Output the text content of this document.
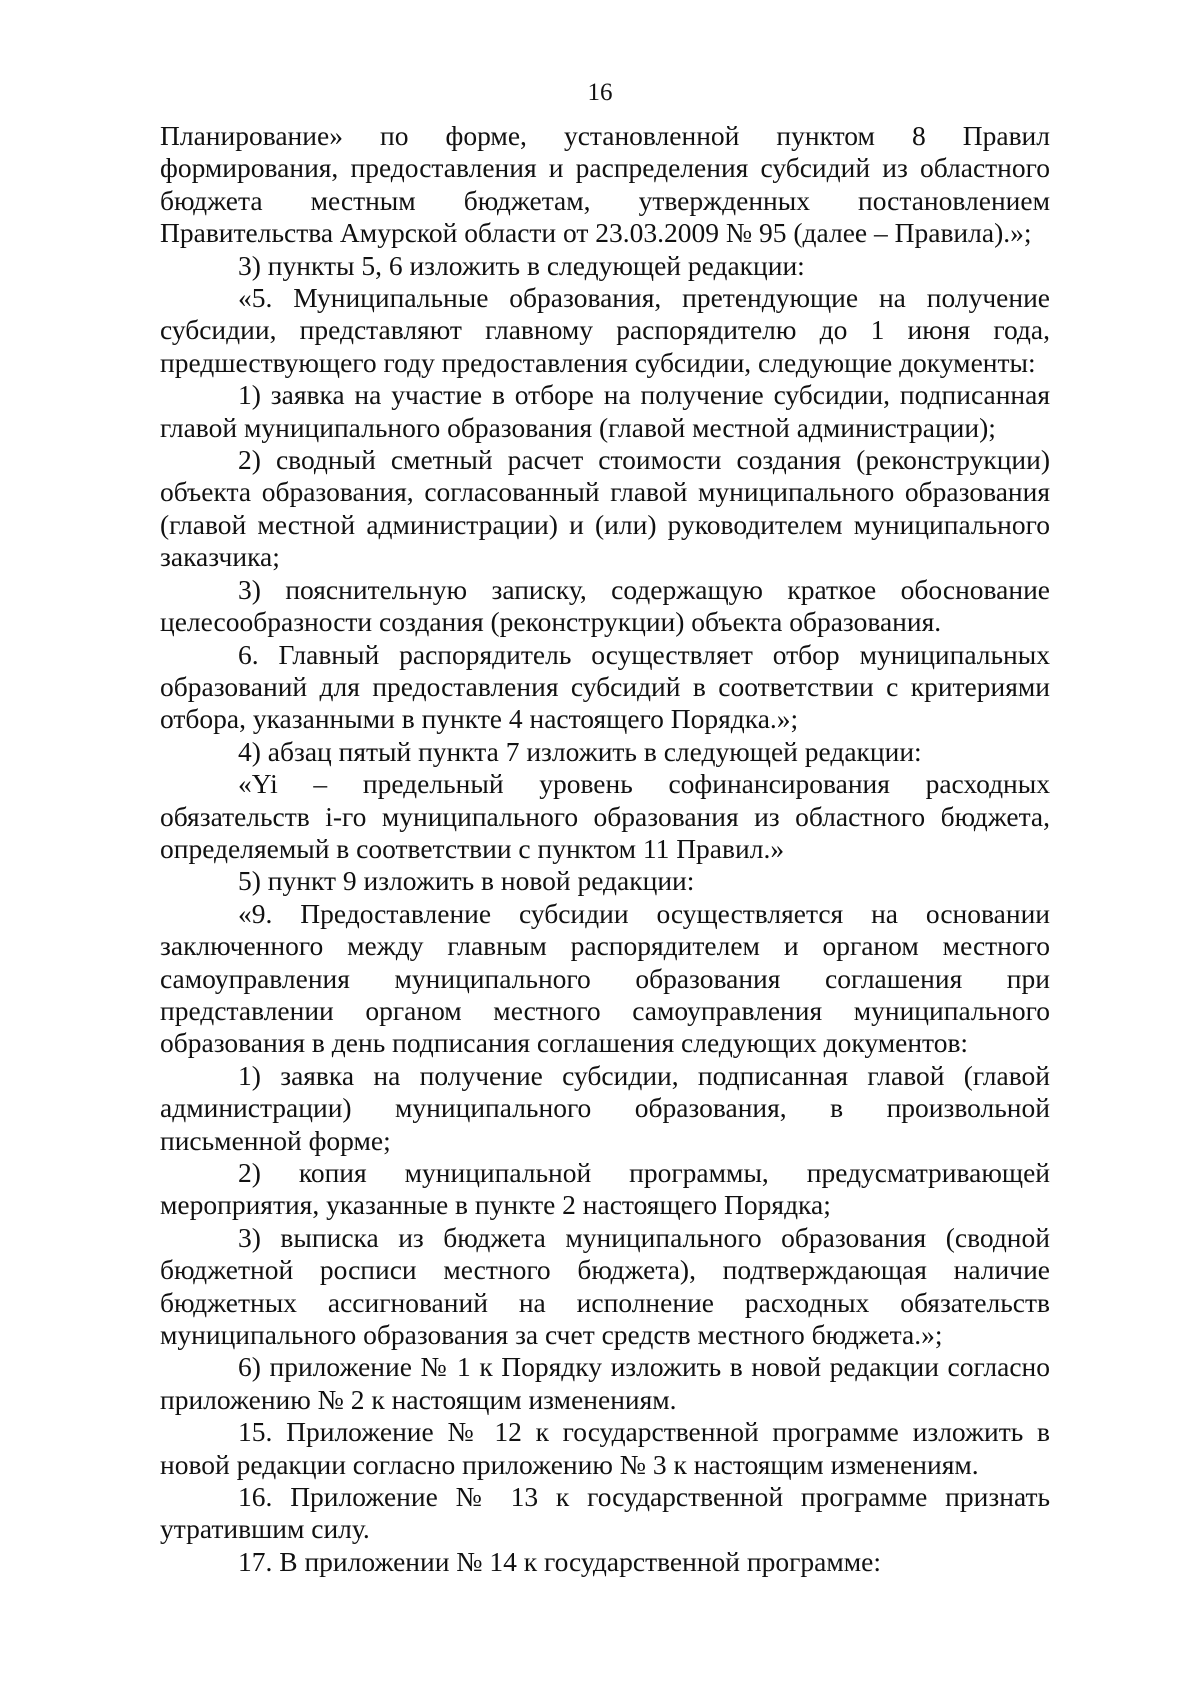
16

Планирование» по форме, установленной пунктом 8 Правил формирования, предоставления и распределения субсидий из областного бюджета местным бюджетам, утвержденных постановлением Правительства Амурской области от 23.03.2009 № 95 (далее – Правила).»;

3) пункты 5, 6 изложить в следующей редакции:

«5. Муниципальные образования, претендующие на получение субсидии, представляют главному распорядителю до 1 июня года, предшествующего году предоставления субсидии, следующие документы:

1) заявка на участие в отборе на получение субсидии, подписанная главой муниципального образования (главой местной администрации);

2) сводный сметный расчет стоимости создания (реконструкции) объекта образования, согласованный главой муниципального образования (главой местной администрации) и (или) руководителем муниципального заказчика;

3) пояснительную записку, содержащую краткое обоснование целесообразности создания (реконструкции) объекта образования.

6. Главный распорядитель осуществляет отбор муниципальных образований для предоставления субсидий в соответствии с критериями отбора, указанными в пункте 4 настоящего Порядка.»;

4) абзац пятый пункта 7 изложить в следующей редакции:

«Yi – предельный уровень софинансирования расходных обязательств i-го муниципального образования из областного бюджета, определяемый в соответствии с пунктом 11 Правил.»

5) пункт 9 изложить в новой редакции:

«9. Предоставление субсидии осуществляется на основании заключенного между главным распорядителем и органом местного самоуправления муниципального образования соглашения при представлении органом местного самоуправления муниципального образования в день подписания соглашения следующих документов:

1) заявка на получение субсидии, подписанная главой (главой администрации) муниципального образования, в произвольной письменной форме;

2) копия муниципальной программы, предусматривающей мероприятия, указанные в пункте 2 настоящего Порядка;

3) выписка из бюджета муниципального образования (сводной бюджетной росписи местного бюджета), подтверждающая наличие бюджетных ассигнований на исполнение расходных обязательств муниципального образования за счет средств местного бюджета.»;

6) приложение № 1 к Порядку изложить в новой редакции согласно приложению № 2 к настоящим изменениям.

15. Приложение № 12 к государственной программе изложить в новой редакции согласно приложению № 3 к настоящим изменениям.

16. Приложение № 13 к государственной программе признать утратившим силу.

17. В приложении № 14 к государственной программе:
